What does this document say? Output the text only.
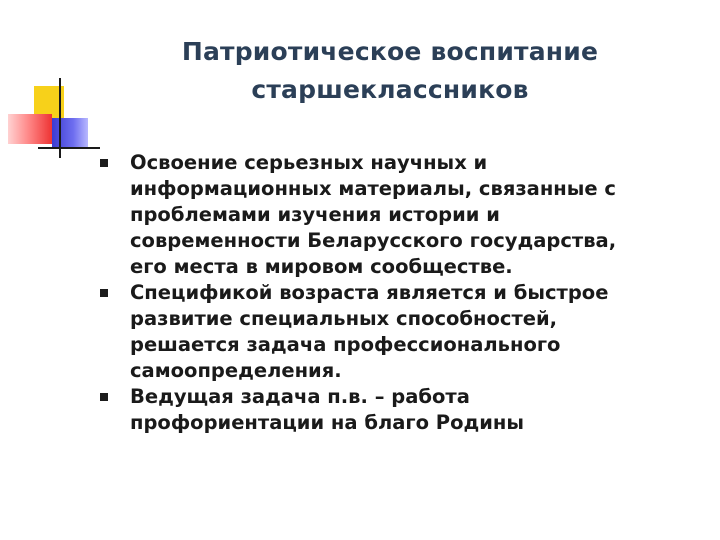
Патриотическое воспитание
старшеклассников
Освоение серьезных научных и
информационных материалы, связанные с
проблемами изучения истории и
современности Беларусского государства,
его места в мировом сообществе.
Спецификой возраста является и быстрое
развитие специальных способностей,
решается задача профессионального
самоопределения.
Ведущая задача п.в. – работа
профориентации на благо Родины
